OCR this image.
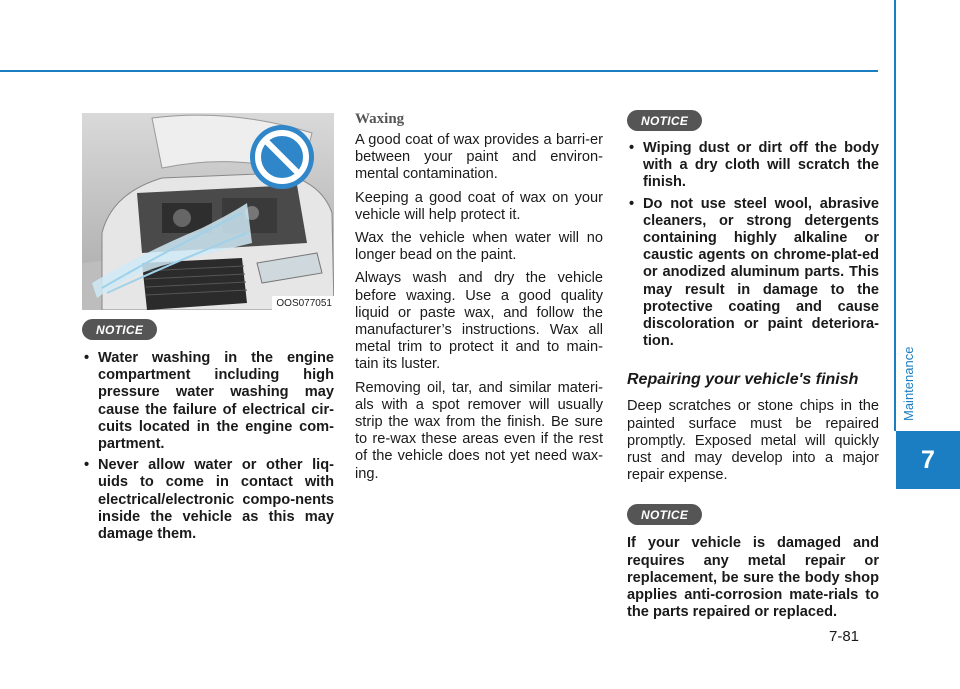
Maintenance
7
OOS077051
NOTICE
• Water washing in the engine compartment including high pressure water washing may cause the failure of electrical cir-cuits located in the engine com-partment.
• Never allow water or other liq-uids to come in contact with electrical/electronic compo-nents inside the vehicle as this may damage them.
Waxing

A good coat of wax provides a barri-er between your paint and environ-mental contamination.

Keeping a good coat of wax on your vehicle will help protect it.

Wax the vehicle when water will no longer bead on the paint.

Always wash and dry the vehicle before waxing. Use a good quality liquid or paste wax, and follow the manufacturer’s instructions. Wax all metal trim to protect it and to main-tain its luster.

Removing oil, tar, and similar materi-als with a spot remover will usually strip the wax from the finish. Be sure to re-wax these areas even if the rest of the vehicle does not yet need wax-ing.

NOTICE
• Wiping dust or dirt off the body with a dry cloth will scratch the finish.
• Do not use steel wool, abrasive cleaners, or strong detergents containing highly alkaline or caustic agents on chrome-plat-ed or anodized aluminum parts. This may result in damage to the protective coating and cause discoloration or paint deteriora-tion.
Repairing your vehicle's finish

Deep scratches or stone chips in the painted surface must be repaired promptly. Exposed metal will quickly rust and may develop into a major repair expense.

NOTICE

If your vehicle is damaged and requires any metal repair or replacement, be sure the body shop applies anti-corrosion mate-rials to the parts repaired or replaced.

7-81
